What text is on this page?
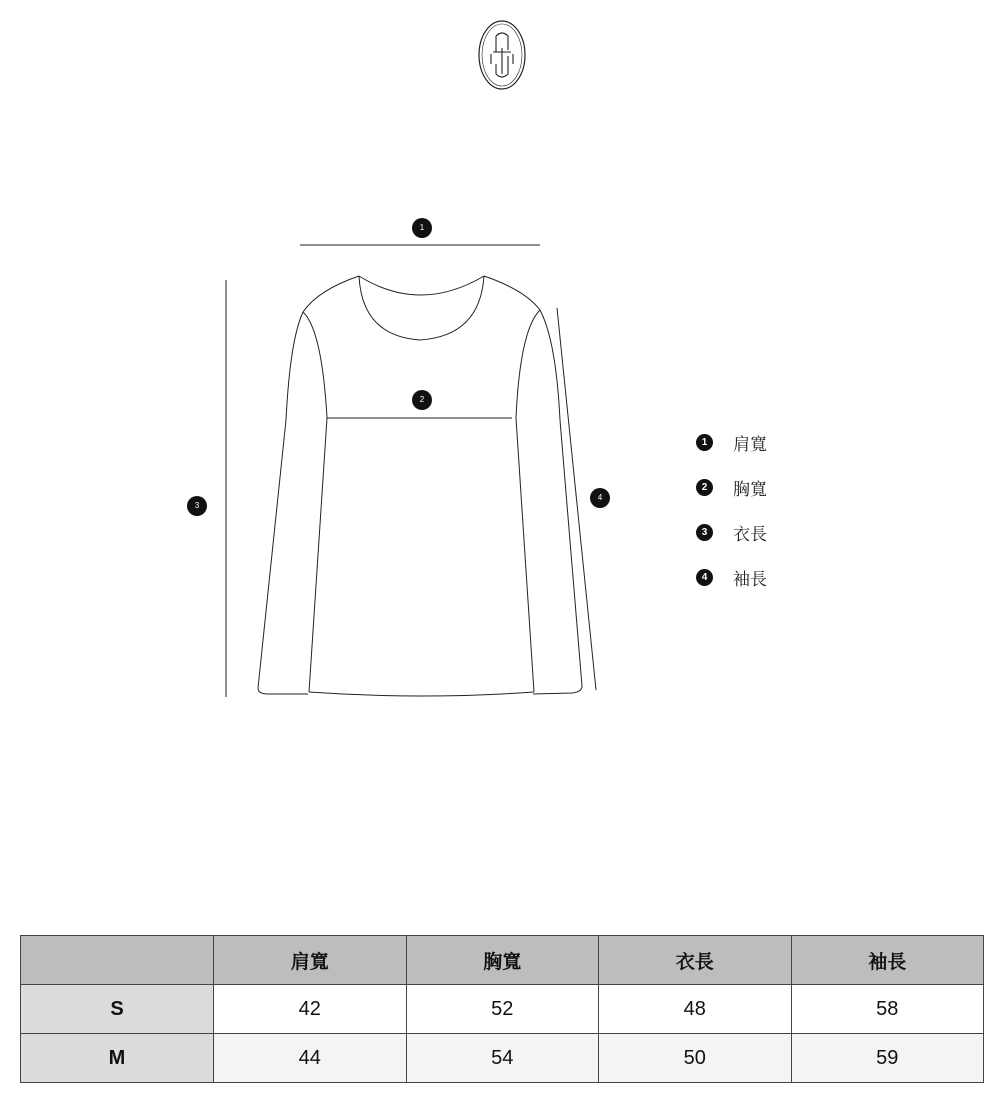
1
2
3
4
1	肩寬
2	胸寬
3	衣長
4	袖長
	肩寬	胸寬	衣長	袖長
S	42	52	48	58
M	44	54	50	59
